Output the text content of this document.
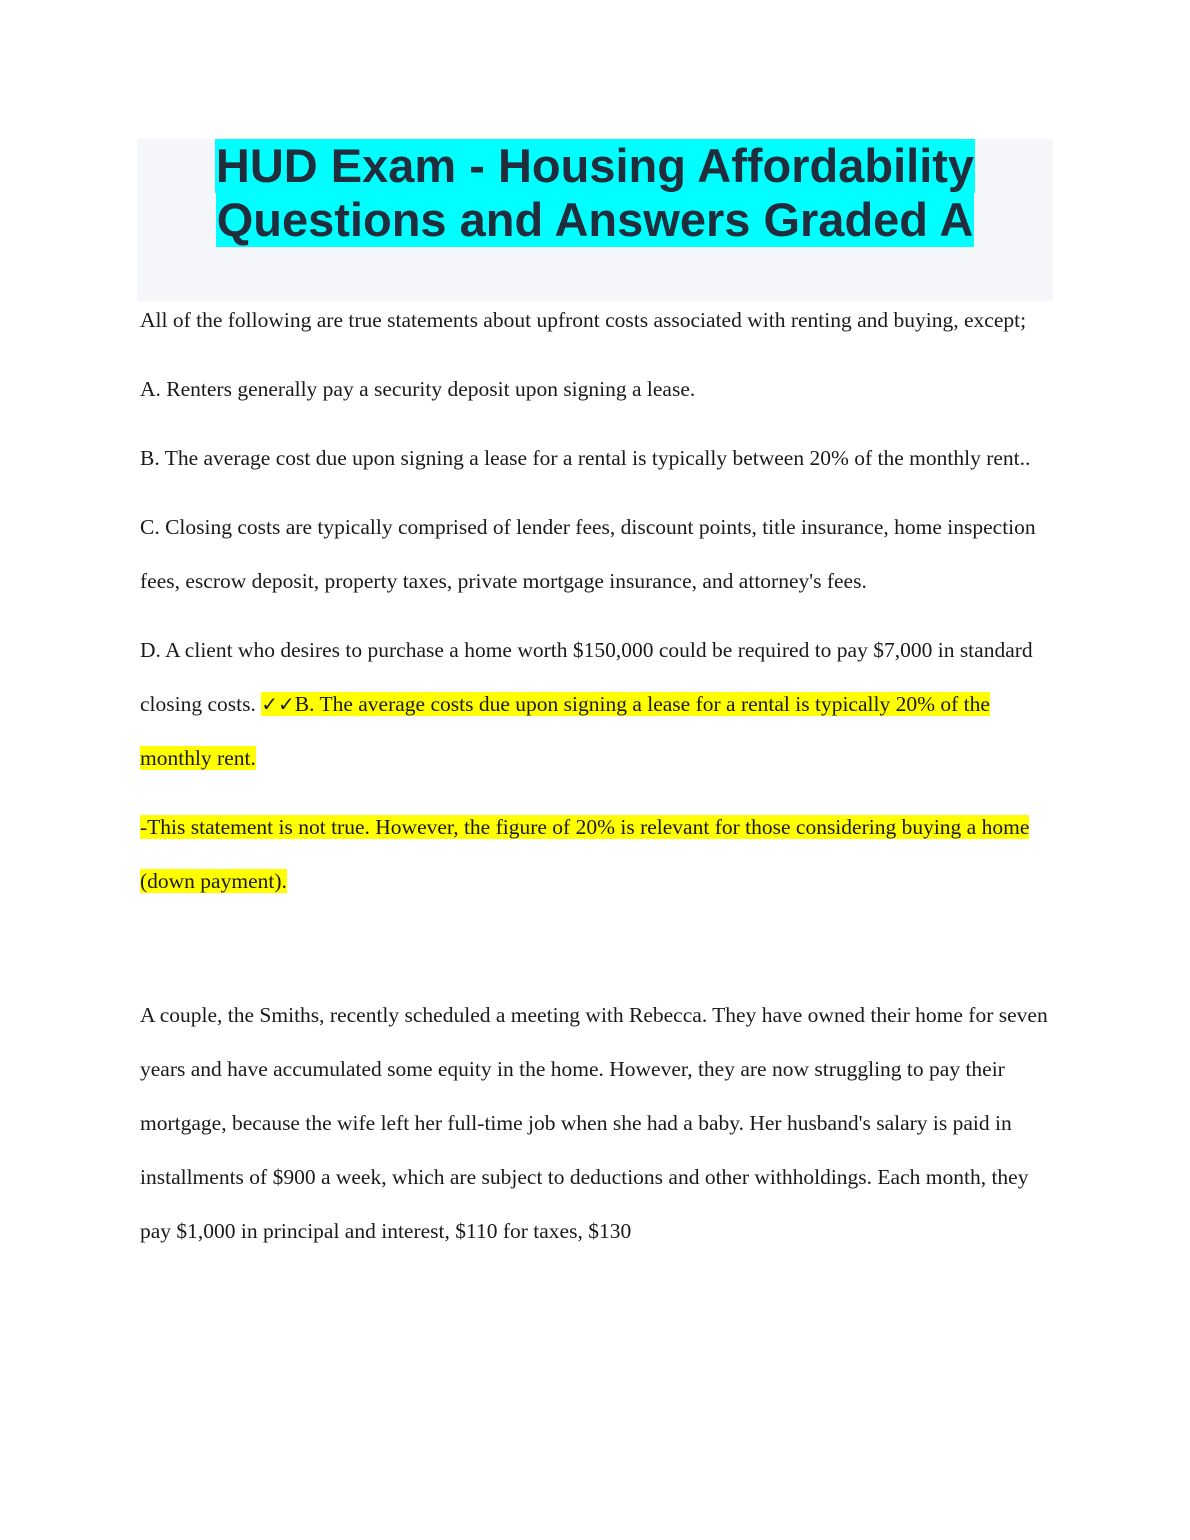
HUD Exam - Housing Affordability
Questions and Answers Graded A

All of the following are true statements about upfront costs associated with renting and buying, except;

A. Renters generally pay a security deposit upon signing a lease.

B. The average cost due upon signing a lease for a rental is typically between 20% of the monthly rent..

C. Closing costs are typically comprised of lender fees, discount points, title insurance, home inspection fees, escrow deposit, property taxes, private mortgage insurance, and attorney's fees.

D. A client who desires to purchase a home worth $150,000 could be required to pay $7,000 in standard closing costs. ✓✓B. The average costs due upon signing a lease for a rental is typically 20% of the monthly rent.

-This statement is not true. However, the figure of 20% is relevant for those considering buying a home (down payment).

A couple, the Smiths, recently scheduled a meeting with Rebecca. They have owned their home for seven years and have accumulated some equity in the home. However, they are now struggling to pay their mortgage, because the wife left her full-time job when she had a baby. Her husband's salary is paid in installments of $900 a week, which are subject to deductions and other withholdings. Each month, they pay $1,000 in principal and interest, $110 for taxes, $130
